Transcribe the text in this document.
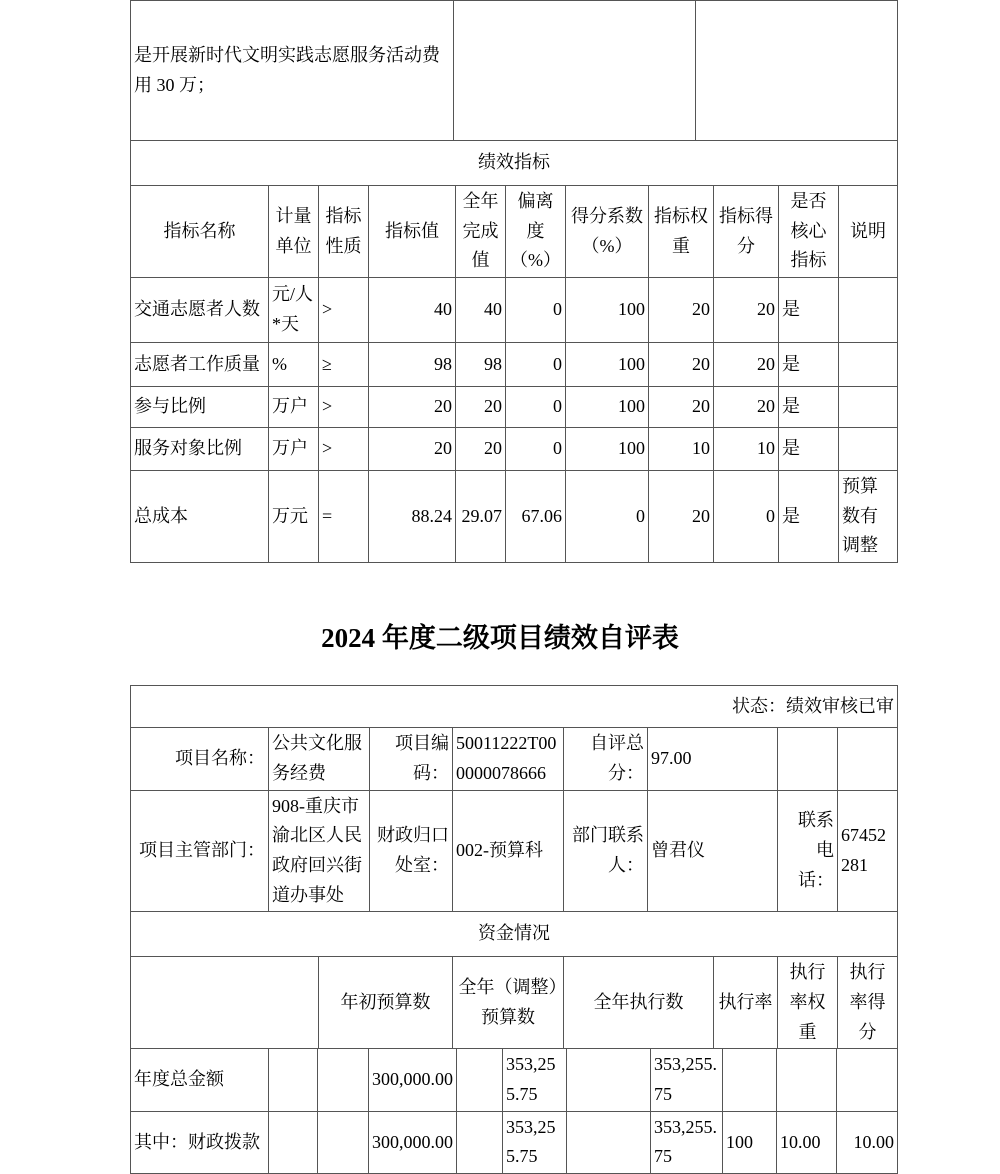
是开展新时代文明实践志愿服务活动费用 30 万；		
绩效指标										
指标名称	计量单位	指标性质	指标值	全年完成值	偏离度（%）	得分系数（%）	指标权重	指标得分	是否核心指标	说明
交通志愿者人数	元/人*天	>	40	40	0	100	20	20	是	
志愿者工作质量	%	≥	98	98	0	100	20	20	是	
参与比例	万户	>	20	20	0	100	20	20	是	
服务对象比例	万户	>	20	20	0	100	10	10	是	
总成本	万元	=	88.24	29.07	67.06	0	20	0	是	预算数有调整
2024 年度二级项目绩效自评表
状态：绩效审核已审
项目名称：	公共文化服务经费	项目编码：	50011222T000000078666	自评总分：	97.00		
项目主管部门：	908-重庆市渝北区人民政府回兴街道办事处	财政归口处室：	002-预算科	部门联系人：	曾君仪	联系电话：	67452281
资金情况
	年初预算数	全年（调整）预算数	全年执行数	执行率	执行率权重	执行率得分
年度总金额			300,000.00		353,255.75		353,255.75			
其中：财政拨款			300,000.00		353,255.75		353,255.75	100	10.00	10.00
